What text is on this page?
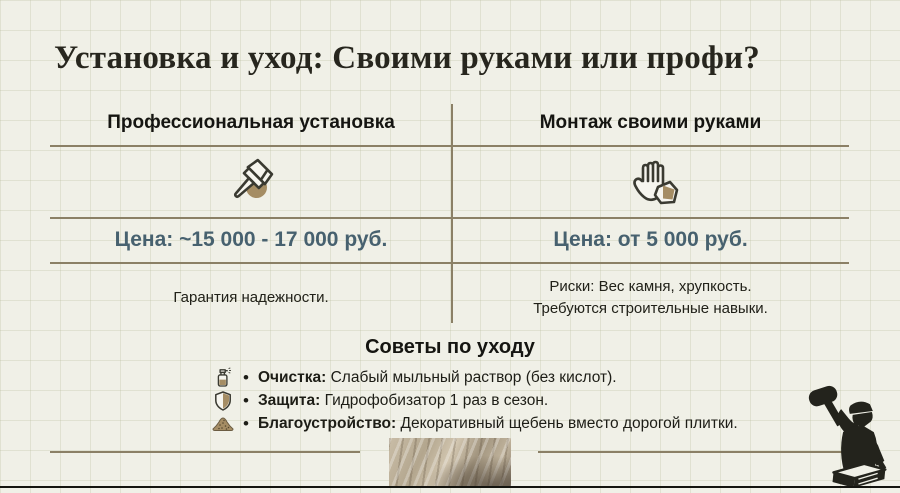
Установка и уход: Своими руками или профи?
Профессиональная установка	Монтаж своими руками
Цена: ~15 000 - 17 000 руб.	Цена: от 5 000 руб.
Гарантия надежности.
Риски: Вес камня, хрупкость.
Требуются строительные навыки.
Советы по уходу
• Очистка: Слабый мыльный раствор (без кислот).
• Защита: Гидрофобизатор 1 раз в сезон.
• Благоустройство: Декоративный щебень вместо дорогой плитки.
